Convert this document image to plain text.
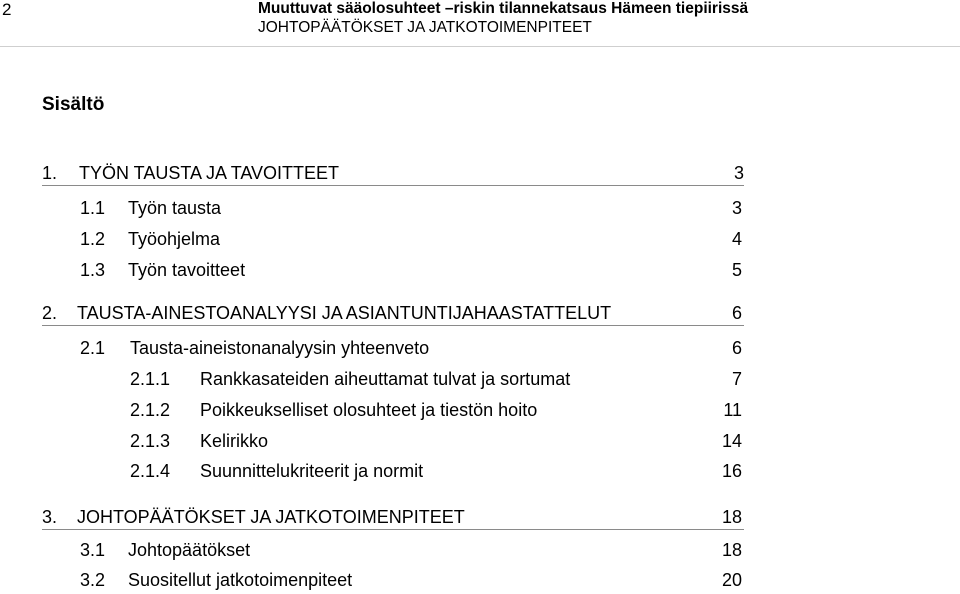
2	Muuttuvat sääolosuhteet –riskin tilannekatsaus Hämeen tiepiirissä
JOHTOPÄÄTÖKSET JA JATKOTOIMENPITEET
Sisältö
1. TYÖN TAUSTA JA TAVOITTEET	3
1.1 Työn tausta	3
1.2 Työohjelma	4
1.3 Työn tavoitteet	5
2. TAUSTA-AINESTOANALYYSI JA ASIANTUNTIJAHAASTATTELUT	6
2.1 Tausta-aineistonanalyysin yhteenveto	6
2.1.1 Rankkasateiden aiheuttamat tulvat ja sortumat	7
2.1.2 Poikkeukselliset olosuhteet ja tiestön hoito	11
2.1.3 Kelirikko	14
2.1.4 Suunnittelukriteerit ja normit	16
3. JOHTOPÄÄTÖKSET JA JATKOTOIMENPITEET	18
3.1 Johtopäätökset	18
3.2 Suositellut jatkotoimenpiteet	20
